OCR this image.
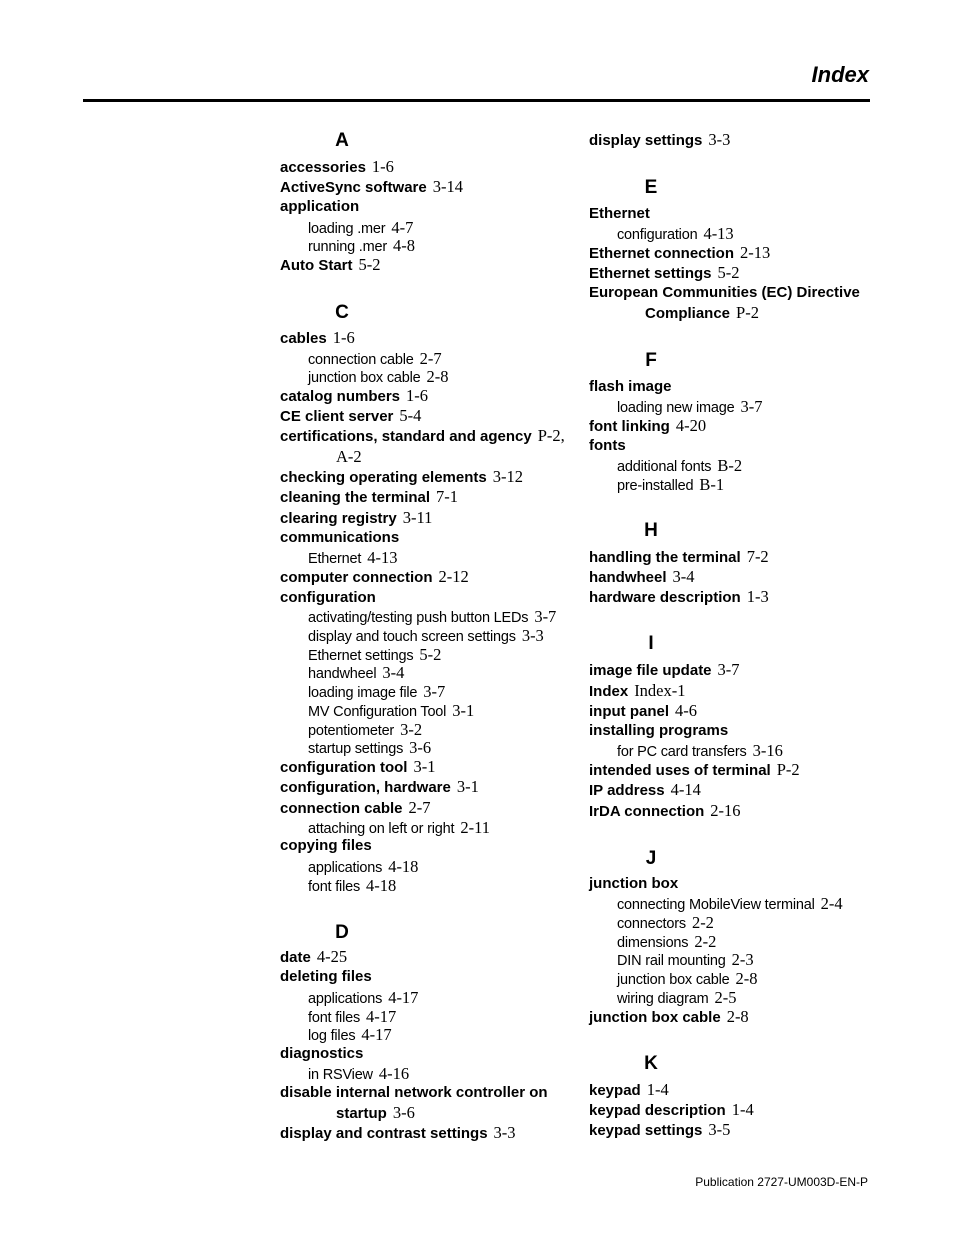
Index
A
C
D
accessories 1-6
ActiveSync software 3-14
application
loading .mer 4-7
running .mer 4-8
Auto Start 5-2
cables 1-6
connection cable 2-7
junction box cable 2-8
catalog numbers 1-6
CE client server 5-4
certifications, standard and agency P-2,
A-2
checking operating elements 3-12
cleaning the terminal 7-1
clearing registry 3-11
communications
Ethernet 4-13
computer connection 2-12
configuration
activating/testing push button LEDs 3-7
display and touch screen settings 3-3
Ethernet settings 5-2
handwheel 3-4
loading image file 3-7
MV Configuration Tool 3-1
potentiometer 3-2
startup settings 3-6
configuration tool 3-1
configuration, hardware 3-1
connection cable 2-7
attaching on left or right 2-11
copying files
applications 4-18
font files 4-18
date 4-25
deleting files
applications 4-17
font files 4-17
log files 4-17
diagnostics
in RSView 4-16
disable internal network controller on
startup 3-6
display and contrast settings 3-3
E
F
H
I
J
K
display settings 3-3
Ethernet
configuration 4-13
Ethernet connection 2-13
Ethernet settings 5-2
European Communities (EC) Directive
Compliance P-2
flash image
loading new image 3-7
font linking 4-20
fonts
additional fonts B-2
pre-installed B-1
handling the terminal 7-2
handwheel 3-4
hardware description 1-3
image file update 3-7
Index Index-1
input panel 4-6
installing programs
for PC card transfers 3-16
intended uses of terminal P-2
IP address 4-14
IrDA connection 2-16
junction box
connecting MobileView terminal 2-4
connectors 2-2
dimensions 2-2
DIN rail mounting 2-3
junction box cable 2-8
wiring diagram 2-5
junction box cable 2-8
keypad 1-4
keypad description 1-4
keypad settings 3-5
Publication 2727-UM003D-EN-P
